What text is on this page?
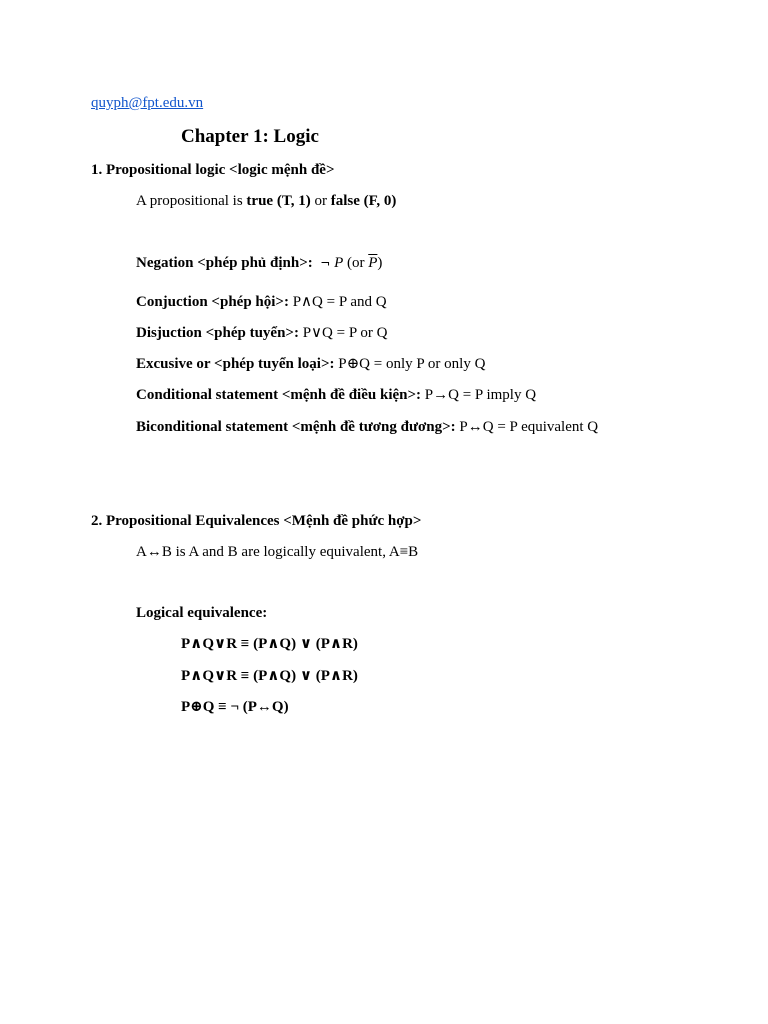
quyph@fpt.edu.vn
Chapter 1: Logic
1. Propositional logic <logic mệnh đề>
A propositional is true (T, 1) or false (F, 0)
Negation <phép phủ định>: ¬ P (or $\overline{P}$)
Conjuction <phép hội>: P∧Q = P and Q
Disjuction <phép tuyển>: P∨Q = P or Q
Excusive or <phép tuyển loại>: P⊕Q = only P or only Q
Conditional statement <mệnh đề điều kiện>: P→Q = P imply Q
Biconditional statement <mệnh đề tương đương>: P↔Q = P equivalent Q
2. Propositional Equivalences <Mệnh đề phức hợp>
A↔B is A and B are logically equivalent, A≡B
Logical equivalence:
P∧Q∨R ≡ (P∧Q) ∨ (P∧R)
P∧Q∨R ≡ (P∧Q) ∨ (P∧R)
P⊕Q ≡ ¬ (P↔Q)
